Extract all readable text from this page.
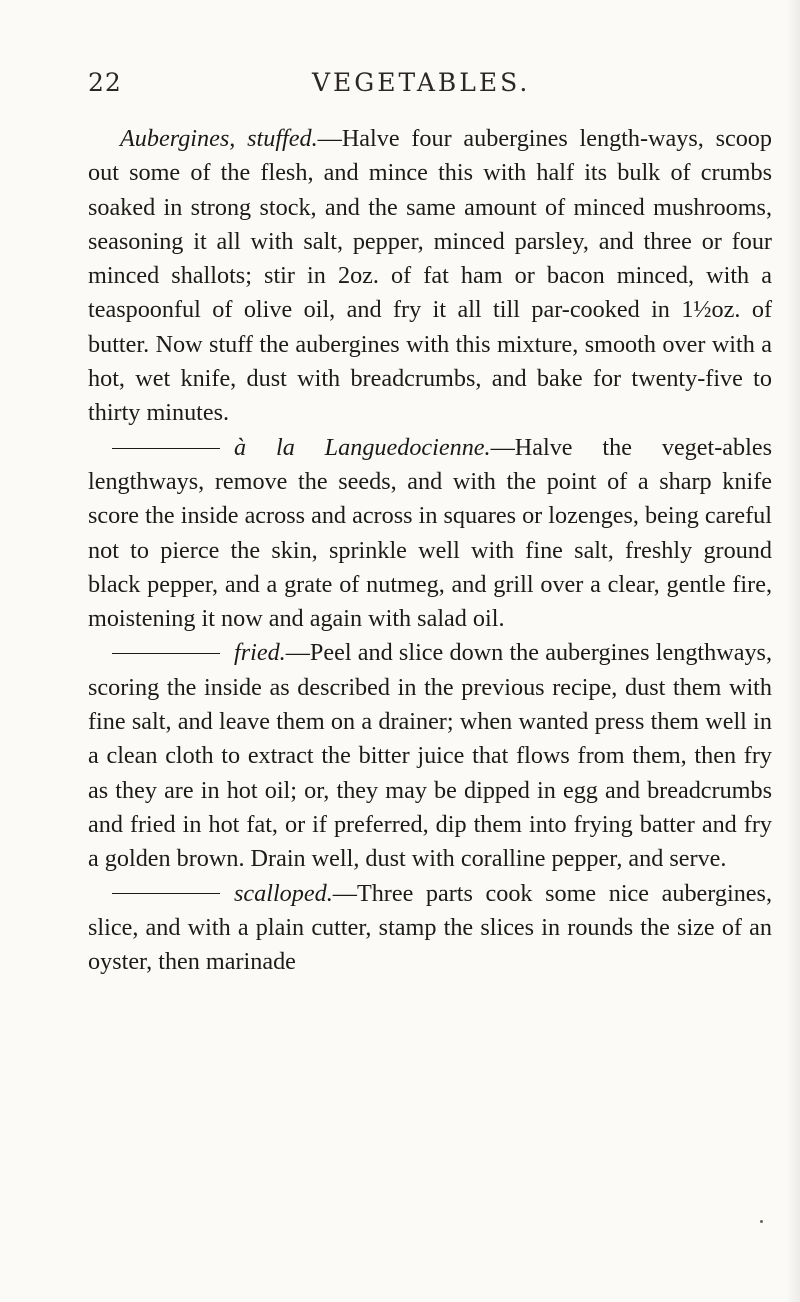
22	VEGETABLES.

Aubergines, stuffed.—Halve four aubergines length-ways, scoop out some of the flesh, and mince this with half its bulk of crumbs soaked in strong stock, and the same amount of minced mushrooms, seasoning it all with salt, pepper, minced parsley, and three or four minced shallots; stir in 2oz. of fat ham or bacon minced, with a teaspoonful of olive oil, and fry it all till par-cooked in 1½oz. of butter. Now stuff the aubergines with this mixture, smooth over with a hot, wet knife, dust with breadcrumbs, and bake for twenty-five to thirty minutes.

à la Languedocienne.—Halve the veget-ables lengthways, remove the seeds, and with the point of a sharp knife score the inside across and across in squares or lozenges, being careful not to pierce the skin, sprinkle well with fine salt, freshly ground black pepper, and a grate of nutmeg, and grill over a clear, gentle fire, moistening it now and again with salad oil.

fried.—Peel and slice down the aubergines lengthways, scoring the inside as described in the previous recipe, dust them with fine salt, and leave them on a drainer; when wanted press them well in a clean cloth to extract the bitter juice that flows from them, then fry as they are in hot oil; or, they may be dipped in egg and breadcrumbs and fried in hot fat, or if preferred, dip them into frying batter and fry a golden brown. Drain well, dust with coralline pepper, and serve.

scalloped.—Three parts cook some nice aubergines, slice, and with a plain cutter, stamp the slices in rounds the size of an oyster, then marinade
